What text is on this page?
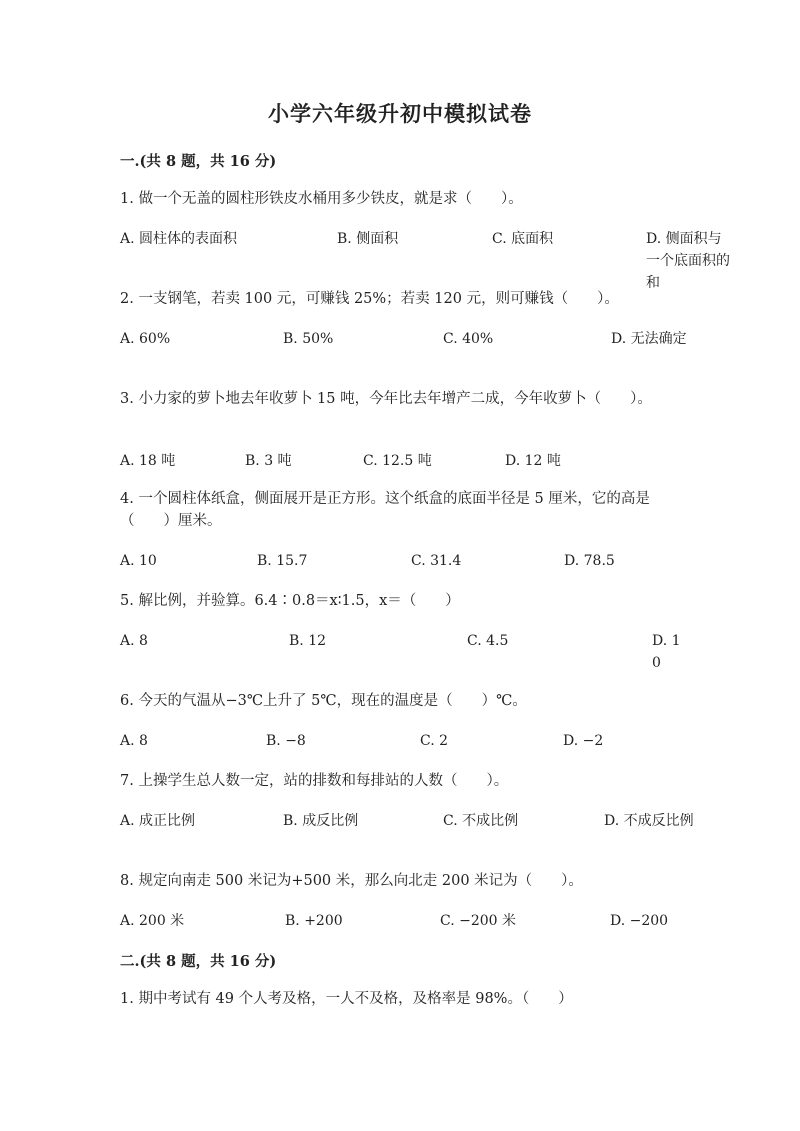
小学六年级升初中模拟试卷
一.(共 8 题，共 16 分)
1. 做一个无盖的圆柱形铁皮水桶用多少铁皮，就是求（　　）。
A. 圆柱体的表面积	B. 侧面积	C. 底面积	D. 侧面积与一个底面积的和
2. 一支钢笔，若卖 100 元，可赚钱 25%；若卖 120 元，则可赚钱（　　）。
A. 60%	B. 50%	C. 40%	D. 无法确定
3. 小力家的萝卜地去年收萝卜 15 吨，今年比去年增产二成，今年收萝卜（　　）。
A. 18 吨	B. 3 吨	C. 12.5 吨	D. 12 吨
4. 一个圆柱体纸盒，侧面展开是正方形。这个纸盒的底面半径是 5 厘米，它的高是（　　）厘米。
A. 10	B. 15.7	C. 31.4	D. 78.5
5. 解比例，并验算。6.4∶0.8＝x∶1.5，x＝（　　）
A. 8	B. 12	C. 4.5	D. 10
6. 今天的气温从−3℃上升了 5℃，现在的温度是（　　）℃。
A. 8	B. −8	C. 2	D. −2
7. 上操学生总人数一定，站的排数和每排站的人数（　　）。
A. 成正比例	B. 成反比例	C. 不成比例	D. 不成反比例
8. 规定向南走 500 米记为+500 米，那么向北走 200 米记为（　　）。
A. 200 米	B. +200	C. −200 米	D. −200
二.(共 8 题，共 16 分)
1. 期中考试有 49 个人考及格，一人不及格，及格率是 98%。（　　）
